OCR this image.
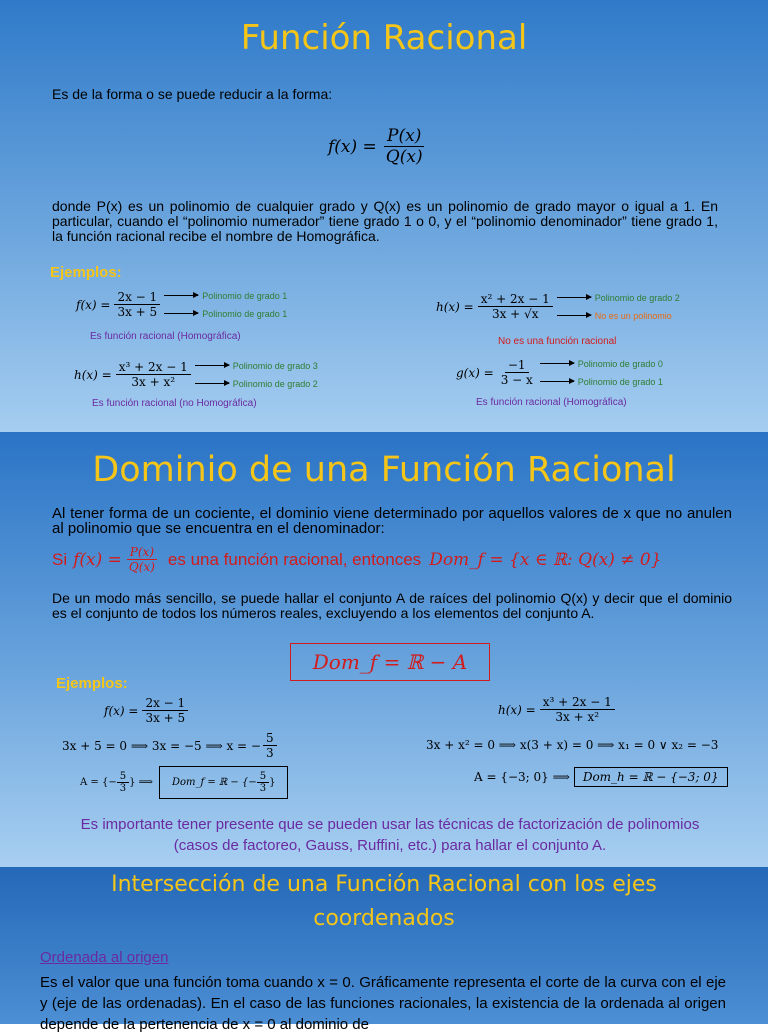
Función Racional
Es de la forma o se puede reducir a la forma:
$f(x) = \frac{P(x)}{Q(x)}$
donde P(x) es un polinomio de cualquier grado y Q(x) es un polinomio de grado mayor o igual a 1. En particular, cuando el “polinomio numerador” tiene grado 1 o 0, y el “polinomio denominador” tiene grado 1, la función racional recibe el nombre de Homográfica.
Ejemplos:
$f(x) = \frac{2x - 1}{3x + 5}$	Polinomio de grado 1
Polinomio de grado 1
Es función racional (Homográfica)
$h(x) = \frac{\text{x² + 2x − 1}}{3x + √x}$	Polinomio de grado 2
No es un polinomio
No es una función racional
$h(x) = \frac{\text{x³ + 2x − 1}}{\text{3x + x²}}$	Polinomio de grado 3
Polinomio de grado 2
Es función racional (no Homográfica)
$g(x) = \frac{-1}{3 - x}$	Polinomio de grado 0
Polinomio de grado 1
Es función racional (Homográfica)
Dominio de una Función Racional
Al tener forma de un cociente, el dominio viene determinado por aquellos valores de x que no anulen al polinomio que se encuentra en el denominador:
Si $f(x) = \frac{P(x)}{Q(x)}$ es una función racional, entonces Dom_f = {x ∈ ℝ: Q(x) ≠ 0}
De un modo más sencillo, se puede hallar el conjunto A de raíces del polinomio Q(x) y decir que el dominio es el conjunto de todos los números reales, excluyendo a los elementos del conjunto A.
Dom_f = ℝ − A
Ejemplos:
$f(x) = \frac{2x - 1}{3x + 5}$
3x + 5 = 0 ⟹ 3x = −5 ⟹ x = − $\frac{5}{3}$
A = {− $\frac{5}{3}$ } ⟹ Dom_f = ℝ − {− $\frac{5}{3}$ }
$h(x) = \frac{\text{x³ + 2x − 1}}{\text{3x + x²}}$
3x + x² = 0 ⟹ x(3 + x) = 0 ⟹ x₁ = 0 ∨ x₂ = −3
A = {−3; 0} ⟹	Dom_h = ℝ − {−3; 0}
Es importante tener presente que se pueden usar las técnicas de factorización de polinomios (casos de factoreo, Gauss, Ruffini, etc.) para hallar el conjunto A.
Intersección de una Función Racional con los ejes
coordenados
Ordenada al origen
Es el valor que una función toma cuando x = 0. Gráficamente representa el corte de la curva con el eje y (eje de las ordenadas). En el caso de las funciones racionales, la existencia de la ordenada al origen depende de la pertenencia de x = 0 al dominio de
